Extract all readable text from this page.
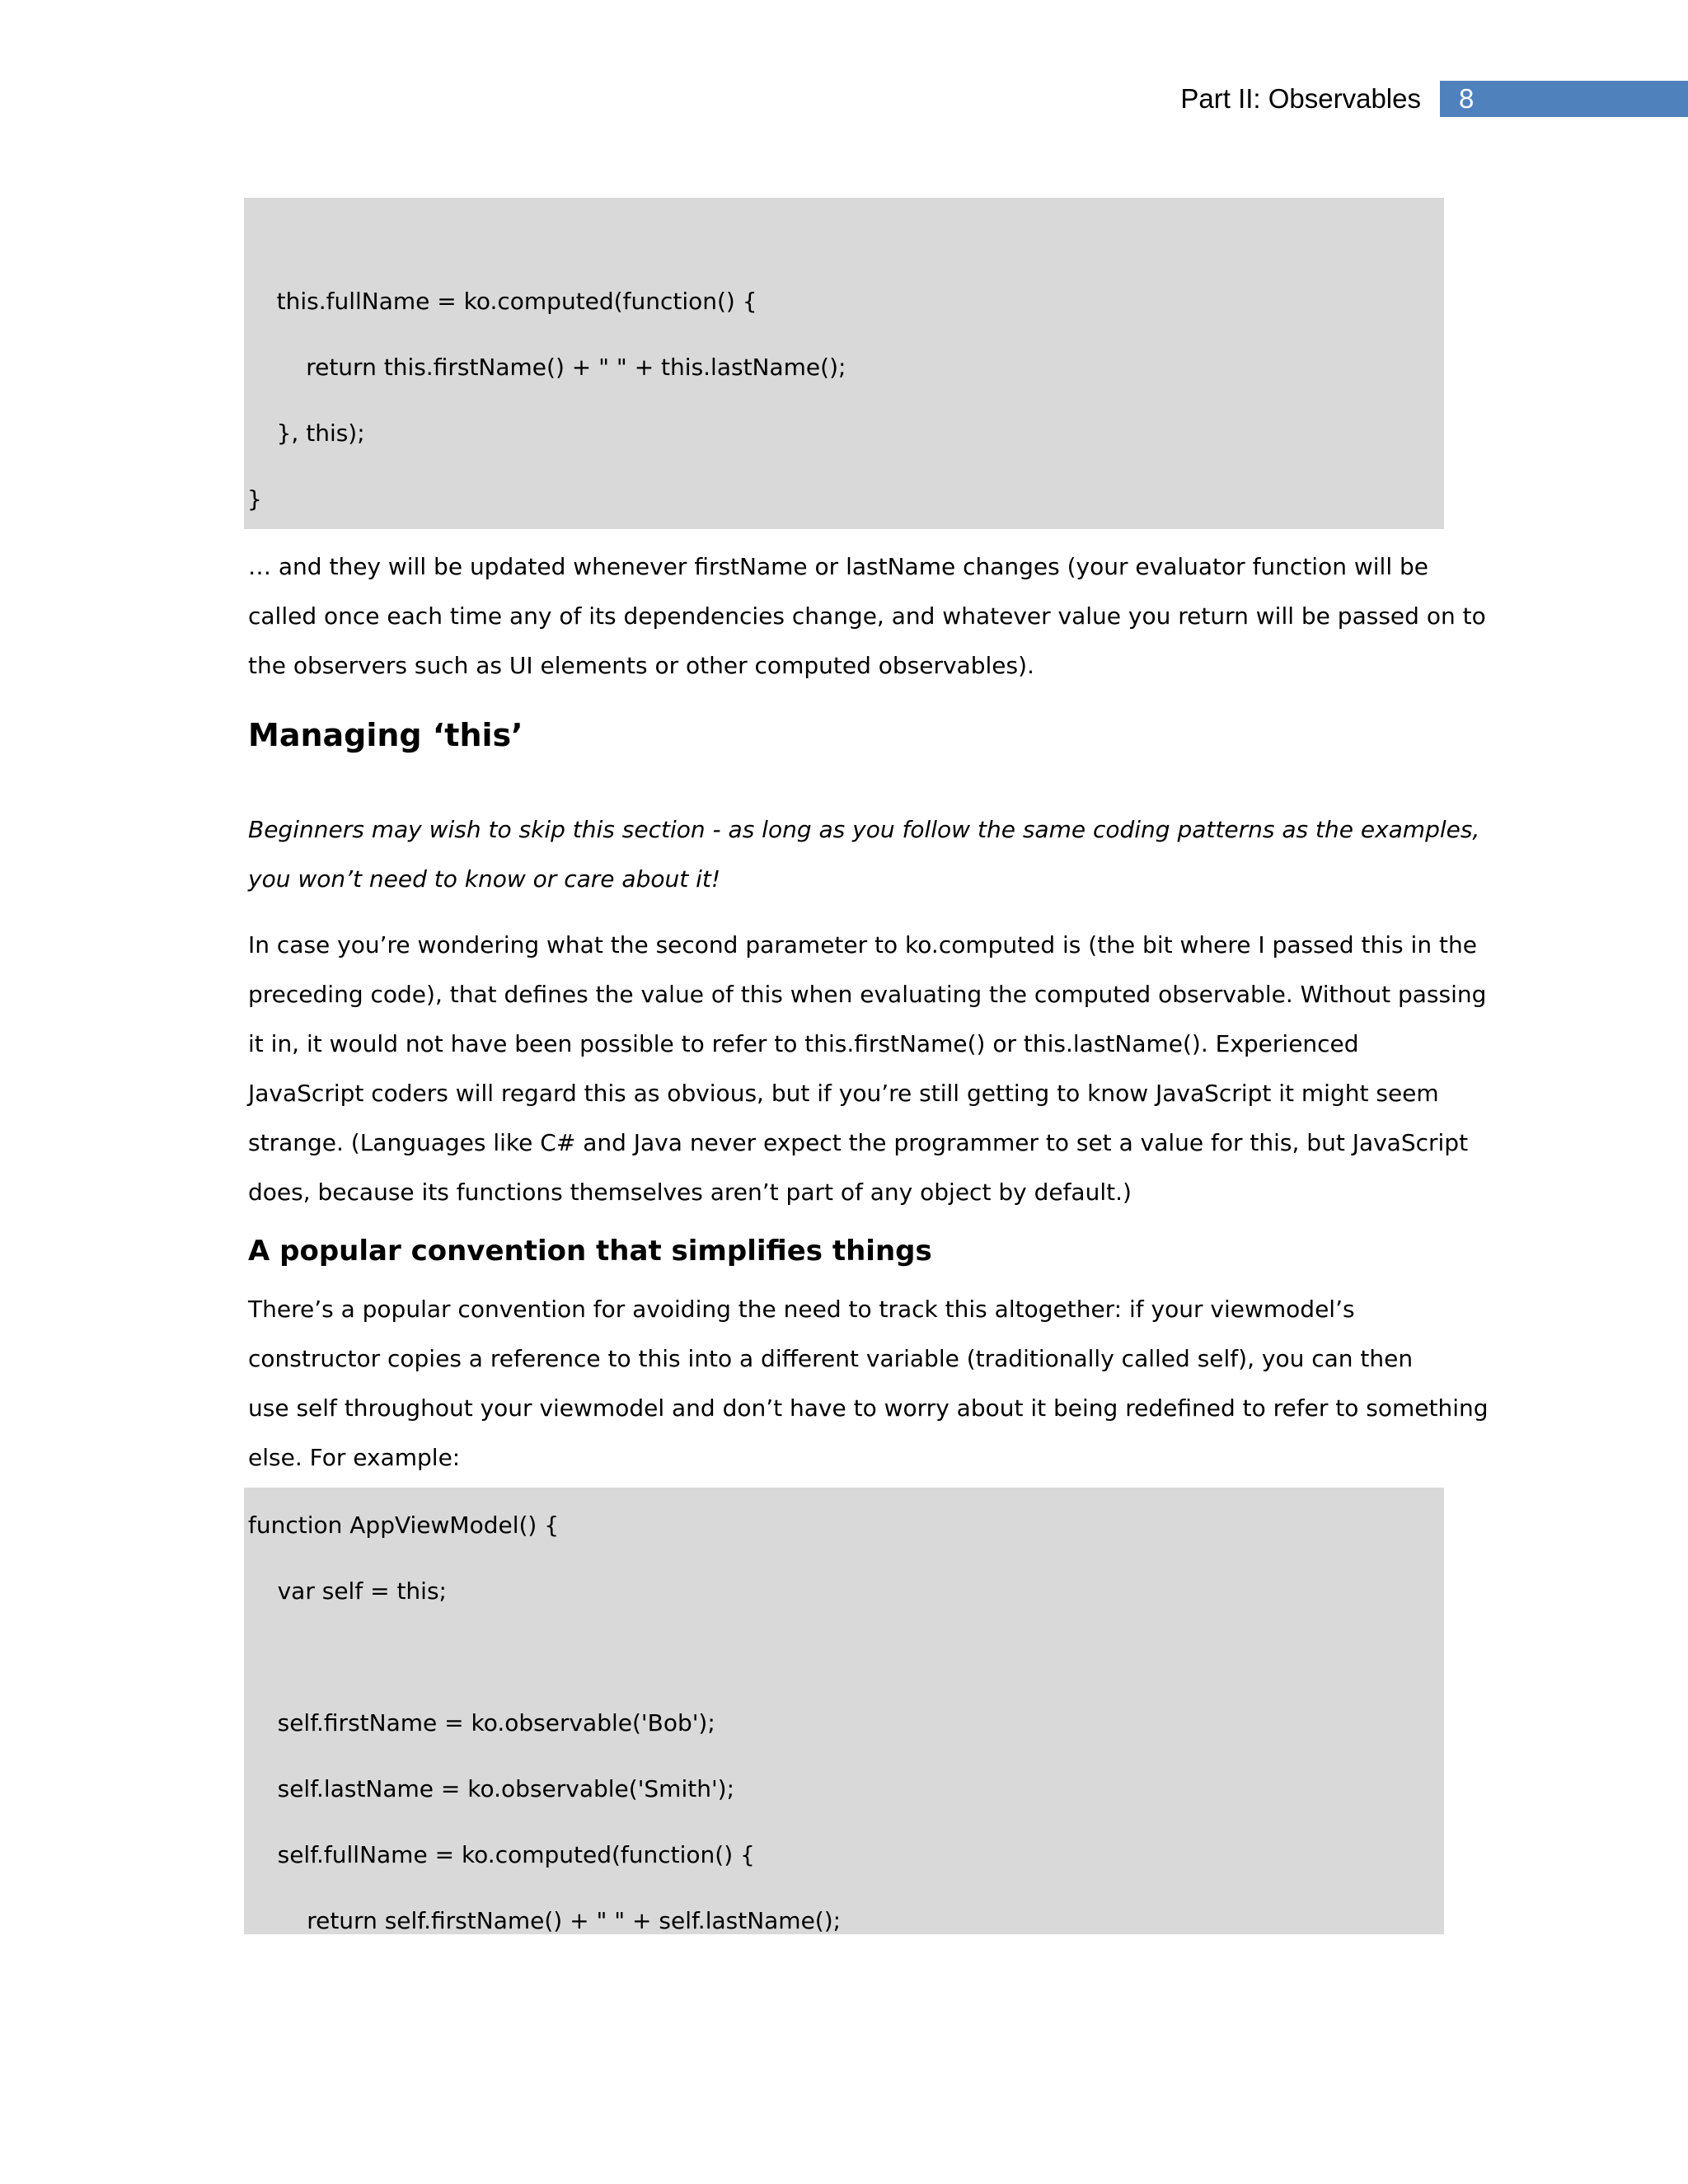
Part II: Observables 8
this.fullName = ko.computed(function() {
return this.firstName() + " " + this.lastName();
}, this);
}
… and they will be updated whenever firstName or lastName changes (your evaluator function will be
called once each time any of its dependencies change, and whatever value you return will be passed on to
the observers such as UI elements or other computed observables).
Managing ‘this’
Beginners may wish to skip this section - as long as you follow the same coding patterns as the examples,
you won’t need to know or care about it!
In case you’re wondering what the second parameter to ko.computed is (the bit where I passed this in the
preceding code), that defines the value of this when evaluating the computed observable. Without passing
it in, it would not have been possible to refer to this.firstName() or this.lastName(). Experienced
JavaScript coders will regard this as obvious, but if you’re still getting to know JavaScript it might seem
strange. (Languages like C# and Java never expect the programmer to set a value for this, but JavaScript
does, because its functions themselves aren’t part of any object by default.)
A popular convention that simplifies things
There’s a popular convention for avoiding the need to track this altogether: if your viewmodel’s
constructor copies a reference to this into a different variable (traditionally called self), you can then
use self throughout your viewmodel and don’t have to worry about it being redefined to refer to something
else. For example:
function AppViewModel() {
var self = this;
self.firstName = ko.observable('Bob');
self.lastName = ko.observable('Smith');
self.fullName = ko.computed(function() {
return self.firstName() + " " + self.lastName();
